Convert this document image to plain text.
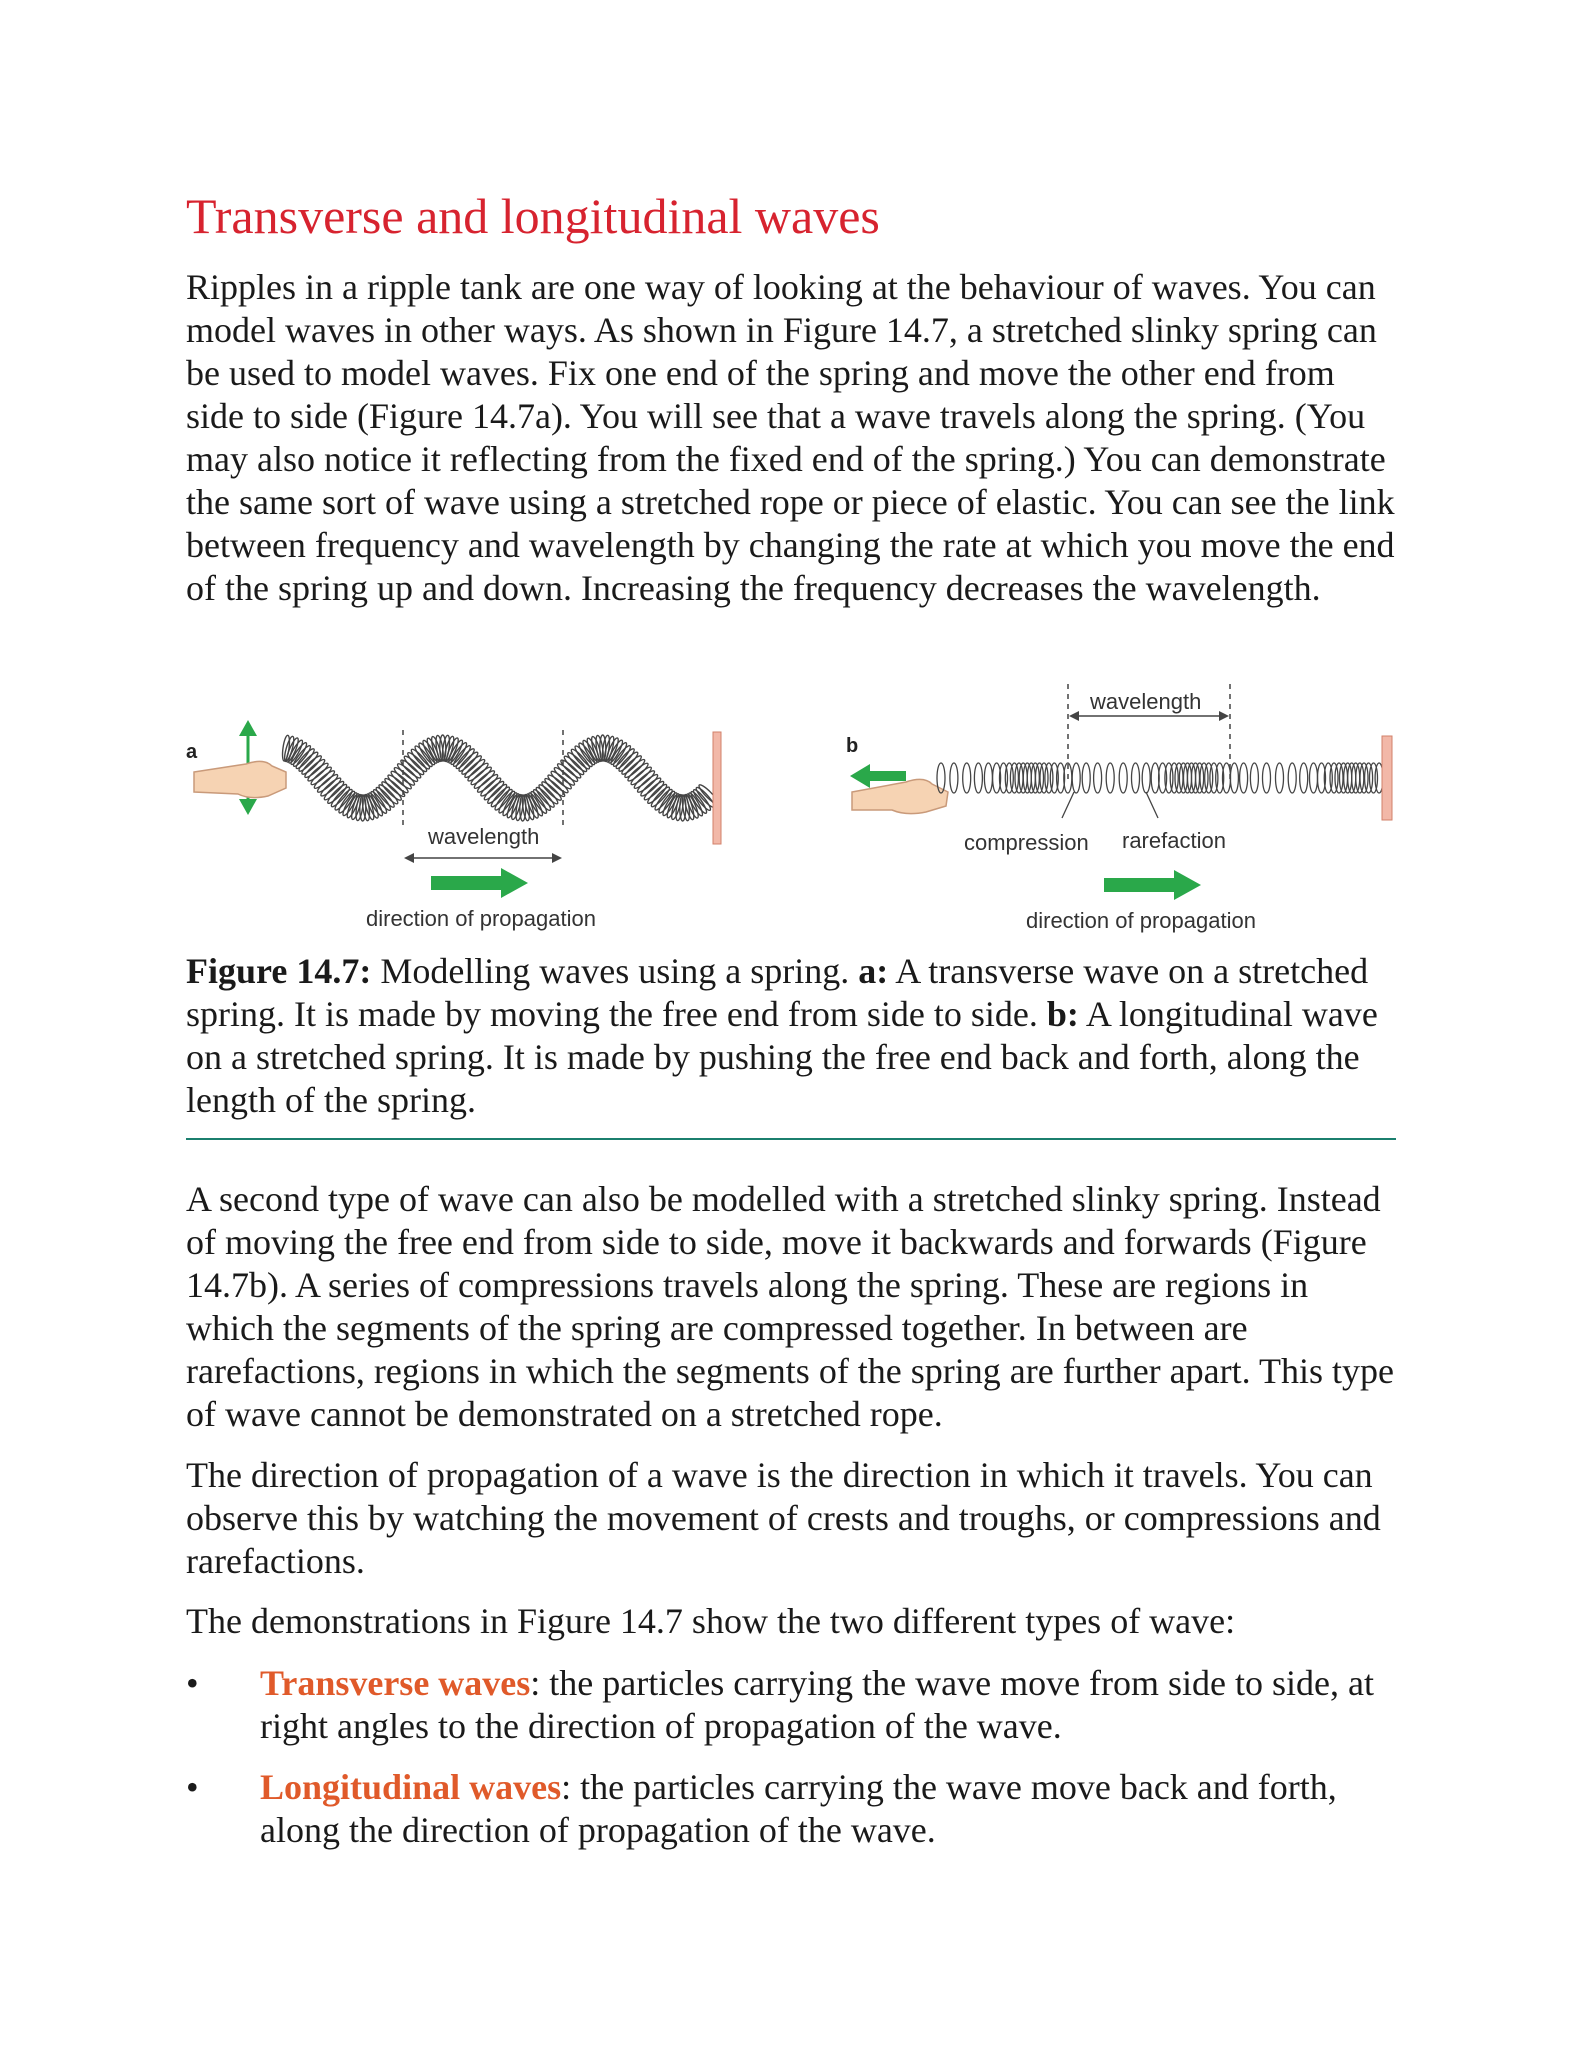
Transverse and longitudinal waves

Ripples in a ripple tank are one way of looking at the behaviour of waves. You can model waves in other ways. As shown in Figure 14.7, a stretched slinky spring can be used to model waves. Fix one end of the spring and move the other end from side to side (Figure 14.7a). You will see that a wave travels along the spring. (You may also notice it reflecting from the fixed end of the spring.) You can demonstrate the same sort of wave using a stretched rope or piece of elastic. You can see the link between frequency and wavelength by changing the rate at which you move the end of the spring up and down. Increasing the frequency decreases the wavelength.

a
wavelength
direction of propagation
b
wavelength
compression rarefaction
direction of propagation

Figure 14.7: Modelling waves using a spring. a: A transverse wave on a stretched spring. It is made by moving the free end from side to side. b: A longitudinal wave on a stretched spring. It is made by pushing the free end back and forth, along the length of the spring.

A second type of wave can also be modelled with a stretched slinky spring. Instead of moving the free end from side to side, move it backwards and forwards (Figure 14.7b). A series of compressions travels along the spring. These are regions in which the segments of the spring are compressed together. In between are rarefactions, regions in which the segments of the spring are further apart. This type of wave cannot be demonstrated on a stretched rope.

The direction of propagation of a wave is the direction in which it travels. You can observe this by watching the movement of crests and troughs, or compressions and rarefactions.

The demonstrations in Figure 14.7 show the two different types of wave:

• Transverse waves: the particles carrying the wave move from side to side, at right angles to the direction of propagation of the wave.
• Longitudinal waves: the particles carrying the wave move back and forth, along the direction of propagation of the wave.
